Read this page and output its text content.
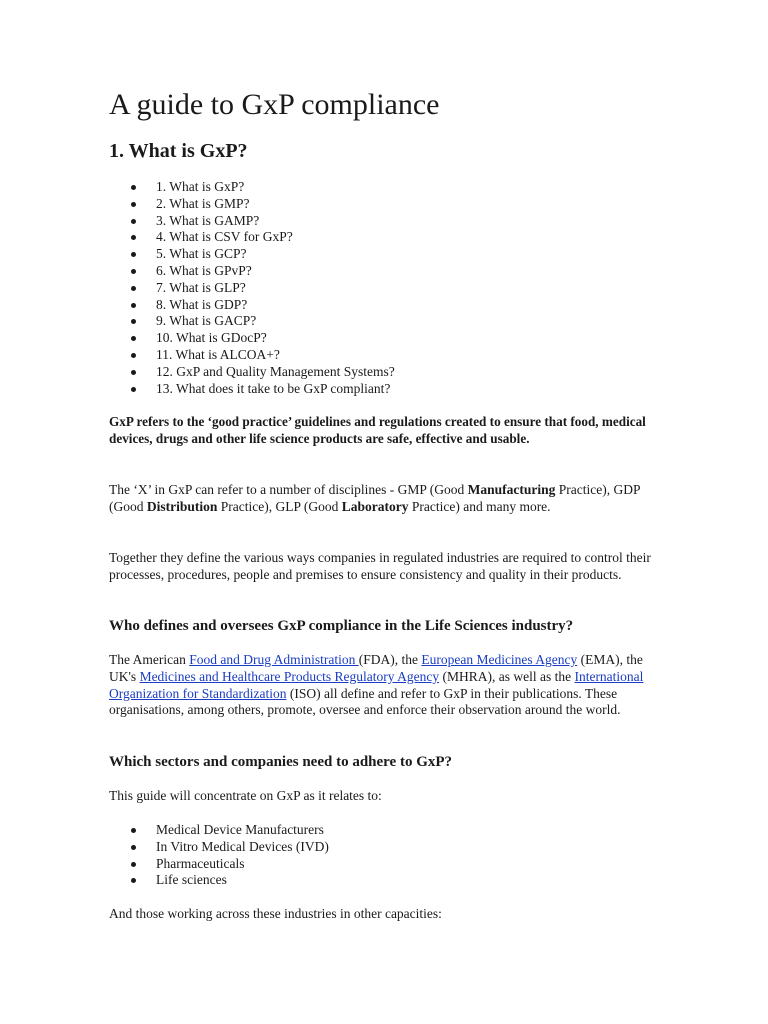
A guide to GxP compliance
1. What is GxP?
1. What is GxP?
2. What is GMP?
3. What is GAMP?
4. What is CSV for GxP?
5. What is GCP?
6. What is GPvP?
7. What is GLP?
8. What is GDP?
9. What is GACP?
10. What is GDocP?
11. What is ALCOA+?
12. GxP and Quality Management Systems?
13. What does it take to be GxP compliant?

GxP refers to the ‘good practice’ guidelines and regulations created to ensure that food, medical devices, drugs and other life science products are safe, effective and usable.

The ‘X’ in GxP can refer to a number of disciplines - GMP (Good Manufacturing Practice), GDP (Good Distribution Practice), GLP (Good Laboratory Practice) and many more.

Together they define the various ways companies in regulated industries are required to control their processes, procedures, people and premises to ensure consistency and quality in their products.

Who defines and oversees GxP compliance in the Life Sciences industry?

The American Food and Drug Administration (FDA), the European Medicines Agency (EMA), the UK's Medicines and Healthcare Products Regulatory Agency (MHRA), as well as the International Organization for Standardization (ISO) all define and refer to GxP in their publications. These organisations, among others, promote, oversee and enforce their observation around the world.

Which sectors and companies need to adhere to GxP?

This guide will concentrate on GxP as it relates to:

Medical Device Manufacturers
In Vitro Medical Devices (IVD)
Pharmaceuticals
Life sciences

And those working across these industries in other capacities:
